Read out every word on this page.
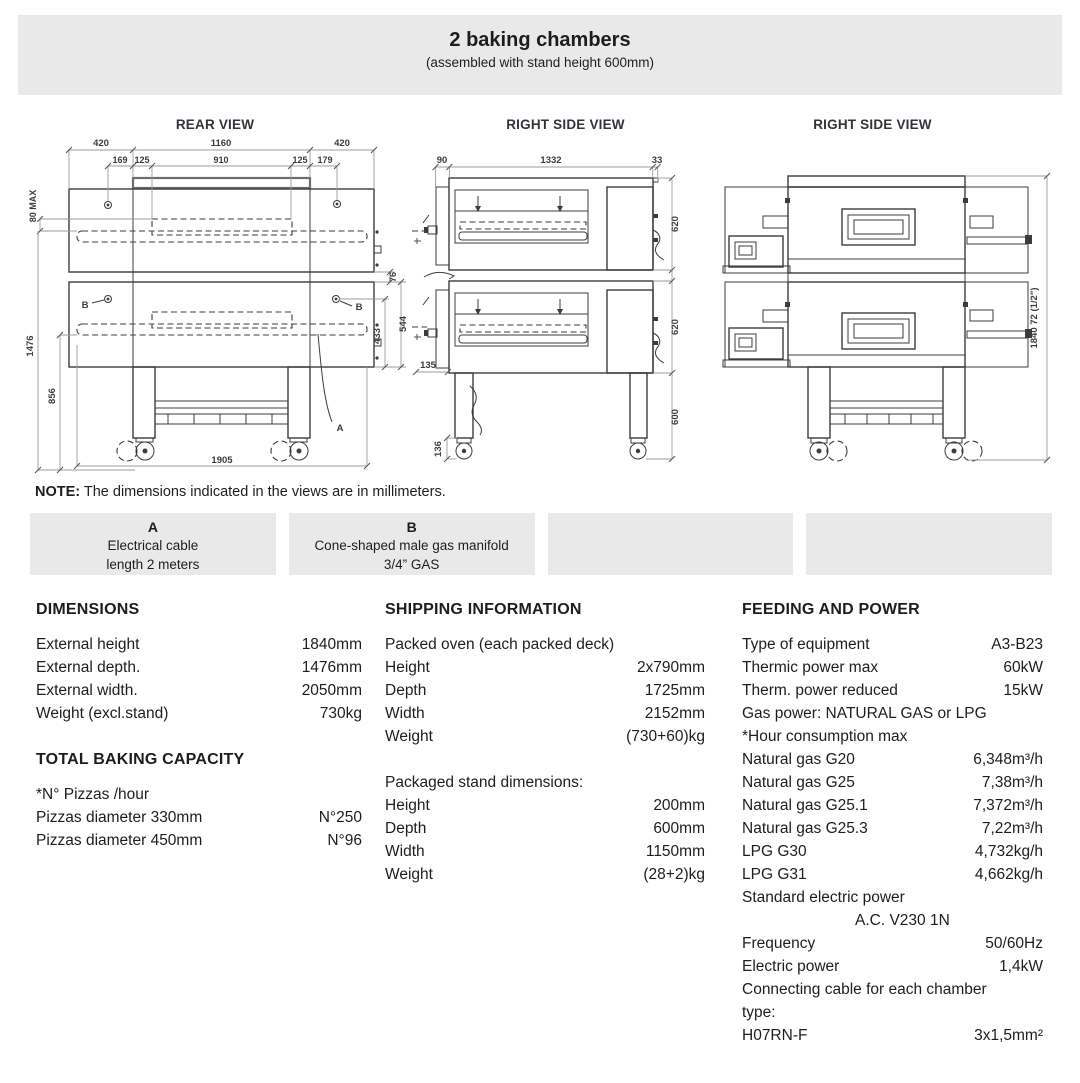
2 baking chambers
(assembled with stand height 600mm)
REAR VIEW	RIGHT SIDE VIEW	RIGHT SIDE VIEW
420	1160	420
169 125	910	125 179
80 MAX
1476
856
76
544
433
1905
B	B
A
90	1332	33
620
620
600
135
136
1840 72 (1/2")
NOTE: The dimensions indicated in the views are in millimeters.
A
Electrical cable
length 2 meters
B
Cone-shaped male gas manifold
3/4” GAS
DIMENSIONS
External height	1840mm
External depth.	1476mm
External width.	2050mm
Weight (excl.stand)	730kg
TOTAL BAKING CAPACITY
*N° Pizzas /hour
Pizzas diameter 330mm	N°250
Pizzas diameter 450mm	N°96
SHIPPING INFORMATION
Packed oven (each packed deck)
Height	2x790mm
Depth	1725mm
Width	2152mm
Weight	(730+60)kg
Packaged stand dimensions:
Height	200mm
Depth	600mm
Width	1150mm
Weight	(28+2)kg
FEEDING AND POWER
Type of equipment	A3-B23
Thermic power max	60kW
Therm. power reduced	15kW
Gas power: NATURAL GAS or LPG
*Hour consumption max
Natural gas G20	6,348m³/h
Natural gas G25	7,38m³/h
Natural gas G25.1	7,372m³/h
Natural gas G25.3	7,22m³/h
LPG G30	4,732kg/h
LPG G31	4,662kg/h
Standard electric power
A.C. V230 1N
Frequency	50/60Hz
Electric power	1,4kW
Connecting cable for each chamber
type:
H07RN-F	3x1,5mm²
